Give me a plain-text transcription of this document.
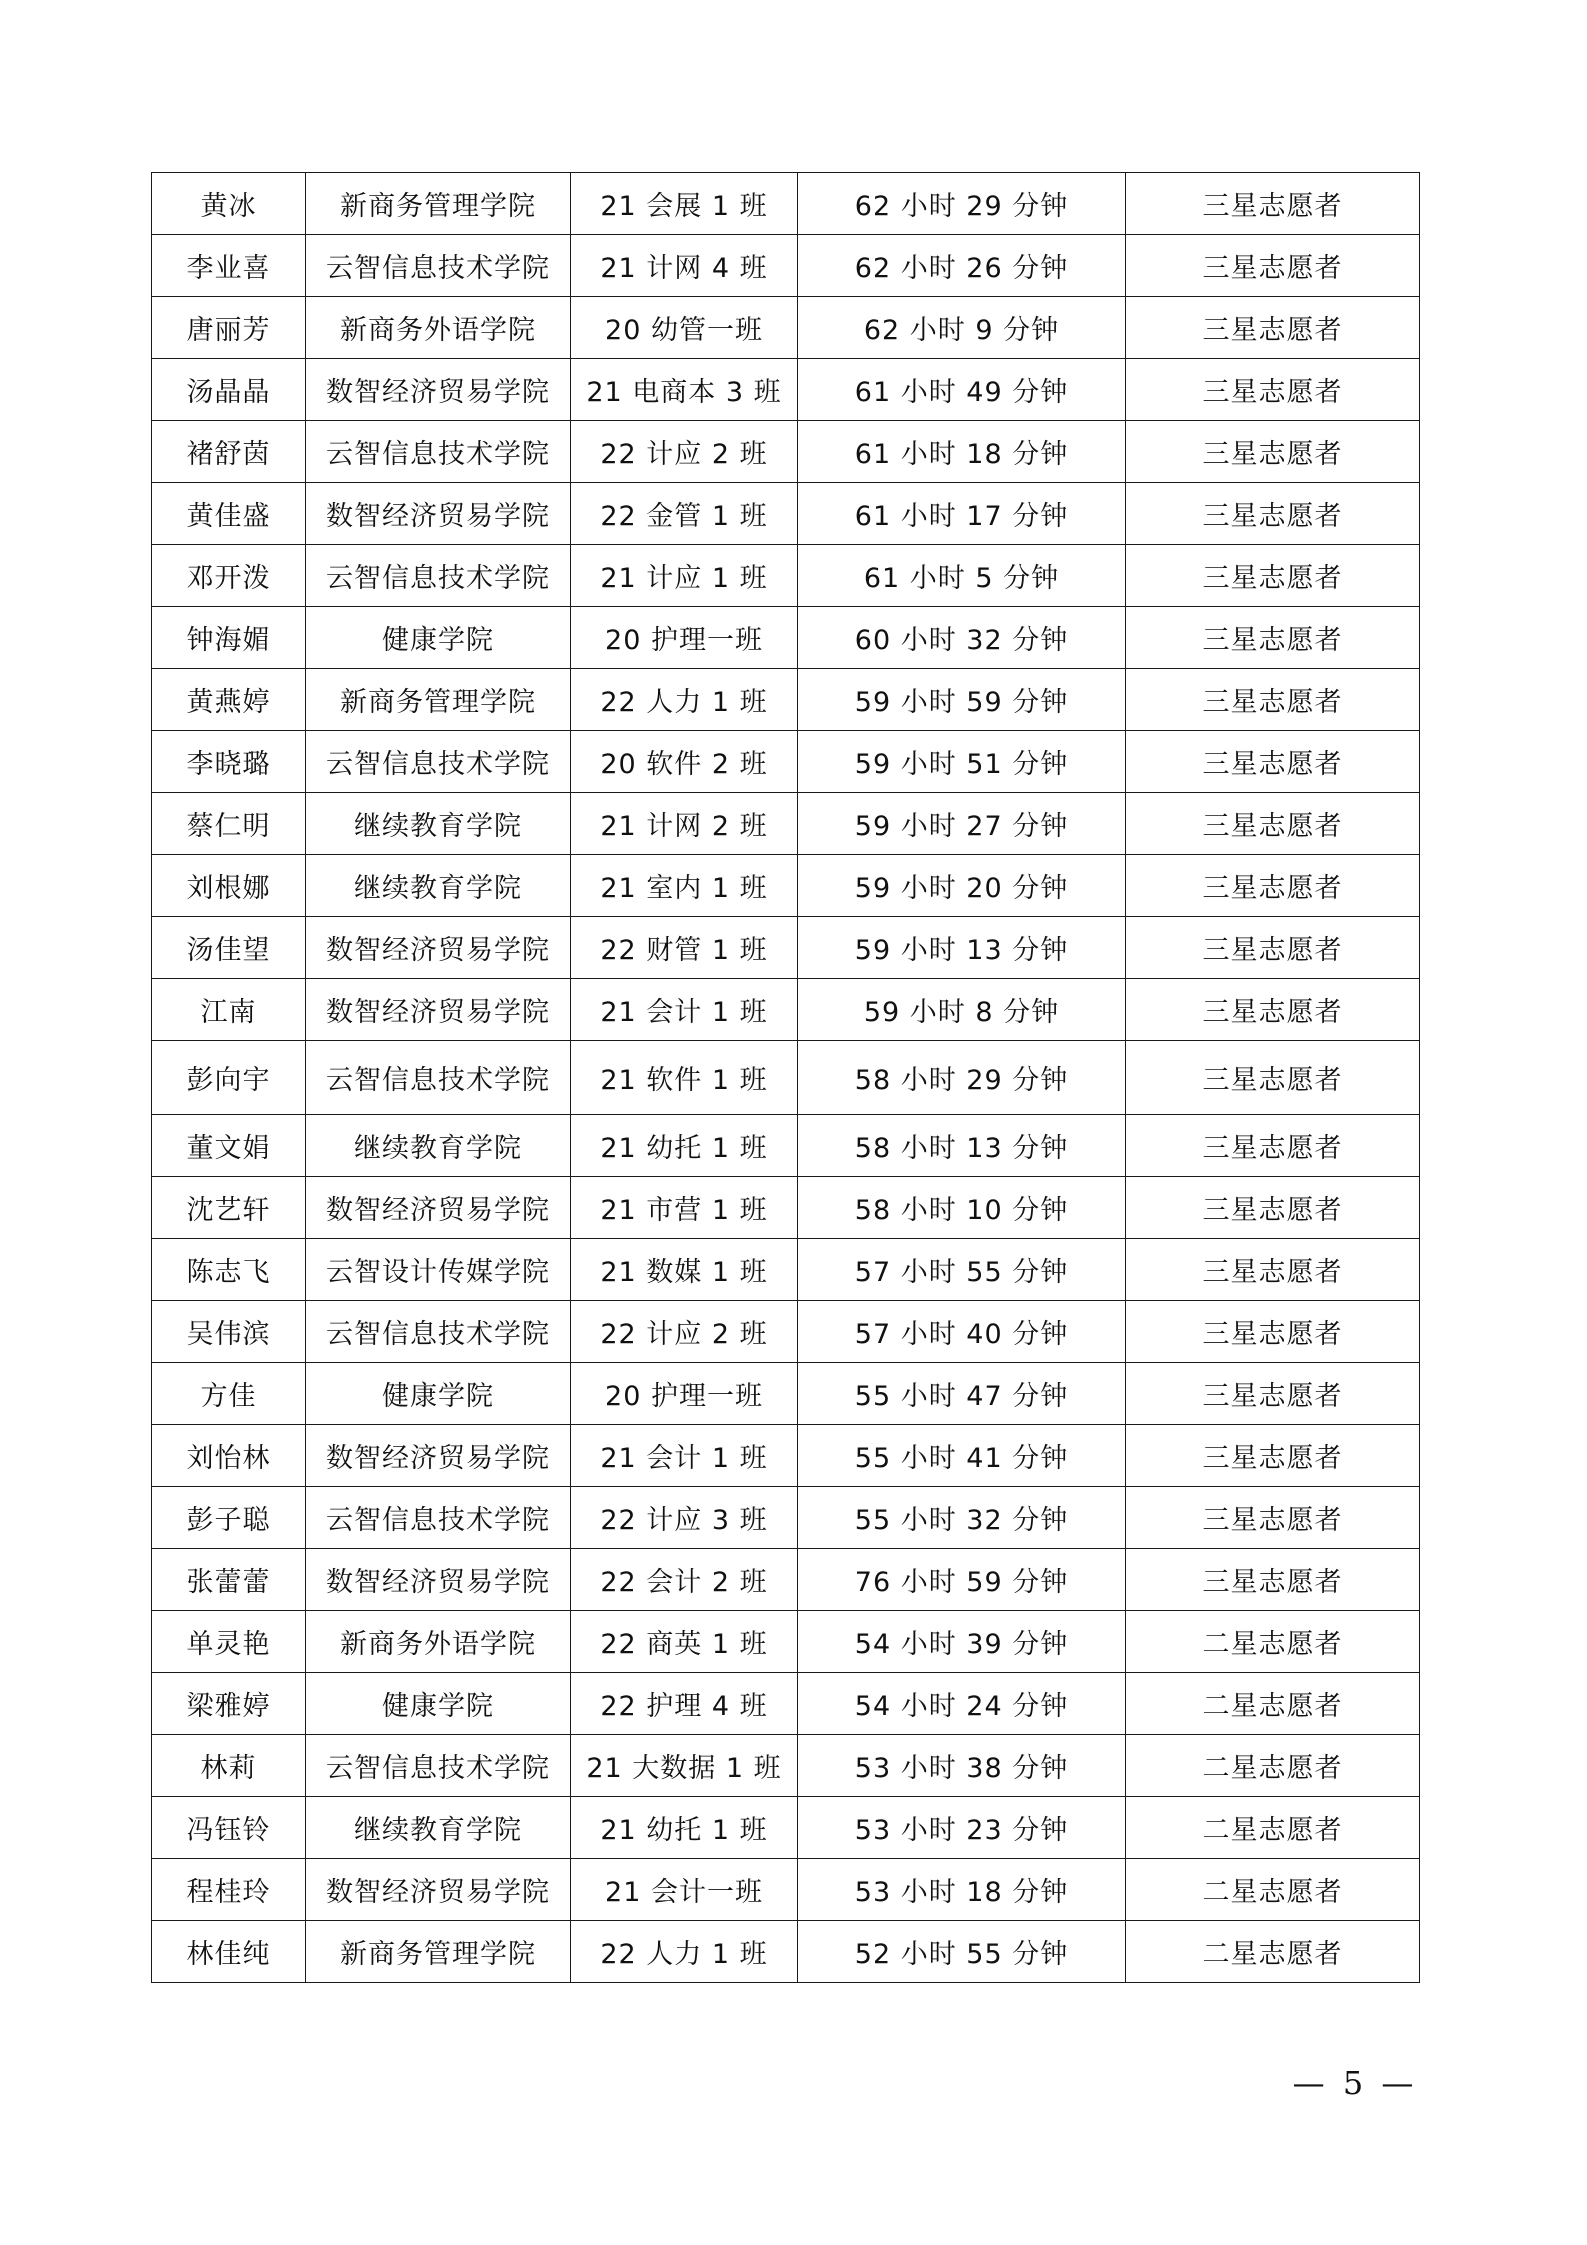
黄冰	新商务管理学院	21 会展 1 班	62 小时 29 分钟	三星志愿者
李业喜	云智信息技术学院	21 计网 4 班	62 小时 26 分钟	三星志愿者
唐丽芳	新商务外语学院	20 幼管一班	62 小时 9 分钟	三星志愿者
汤晶晶	数智经济贸易学院	21 电商本 3 班	61 小时 49 分钟	三星志愿者
褚舒茵	云智信息技术学院	22 计应 2 班	61 小时 18 分钟	三星志愿者
黄佳盛	数智经济贸易学院	22 金管 1 班	61 小时 17 分钟	三星志愿者
邓开泼	云智信息技术学院	21 计应 1 班	61 小时 5 分钟	三星志愿者
钟海媚	健康学院	20 护理一班	60 小时 32 分钟	三星志愿者
黄燕婷	新商务管理学院	22 人力 1 班	59 小时 59 分钟	三星志愿者
李晓璐	云智信息技术学院	20 软件 2 班	59 小时 51 分钟	三星志愿者
蔡仁明	继续教育学院	21 计网 2 班	59 小时 27 分钟	三星志愿者
刘根娜	继续教育学院	21 室内 1 班	59 小时 20 分钟	三星志愿者
汤佳望	数智经济贸易学院	22 财管 1 班	59 小时 13 分钟	三星志愿者
江南	数智经济贸易学院	21 会计 1 班	59 小时 8 分钟	三星志愿者
彭向宇	云智信息技术学院	21 软件 1 班	58 小时 29 分钟	三星志愿者
董文娟	继续教育学院	21 幼托 1 班	58 小时 13 分钟	三星志愿者
沈艺轩	数智经济贸易学院	21 市营 1 班	58 小时 10 分钟	三星志愿者
陈志飞	云智设计传媒学院	21 数媒 1 班	57 小时 55 分钟	三星志愿者
吴伟滨	云智信息技术学院	22 计应 2 班	57 小时 40 分钟	三星志愿者
方佳	健康学院	20 护理一班	55 小时 47 分钟	三星志愿者
刘怡林	数智经济贸易学院	21 会计 1 班	55 小时 41 分钟	三星志愿者
彭子聪	云智信息技术学院	22 计应 3 班	55 小时 32 分钟	三星志愿者
张蕾蕾	数智经济贸易学院	22 会计 2 班	76 小时 59 分钟	三星志愿者
单灵艳	新商务外语学院	22 商英 1 班	54 小时 39 分钟	二星志愿者
梁雅婷	健康学院	22 护理 4 班	54 小时 24 分钟	二星志愿者
林莉	云智信息技术学院	21 大数据 1 班	53 小时 38 分钟	二星志愿者
冯钰铃	继续教育学院	21 幼托 1 班	53 小时 23 分钟	二星志愿者
程桂玲	数智经济贸易学院	21 会计一班	53 小时 18 分钟	二星志愿者
林佳纯	新商务管理学院	22 人力 1 班	52 小时 55 分钟	二星志愿者
— 5 —
